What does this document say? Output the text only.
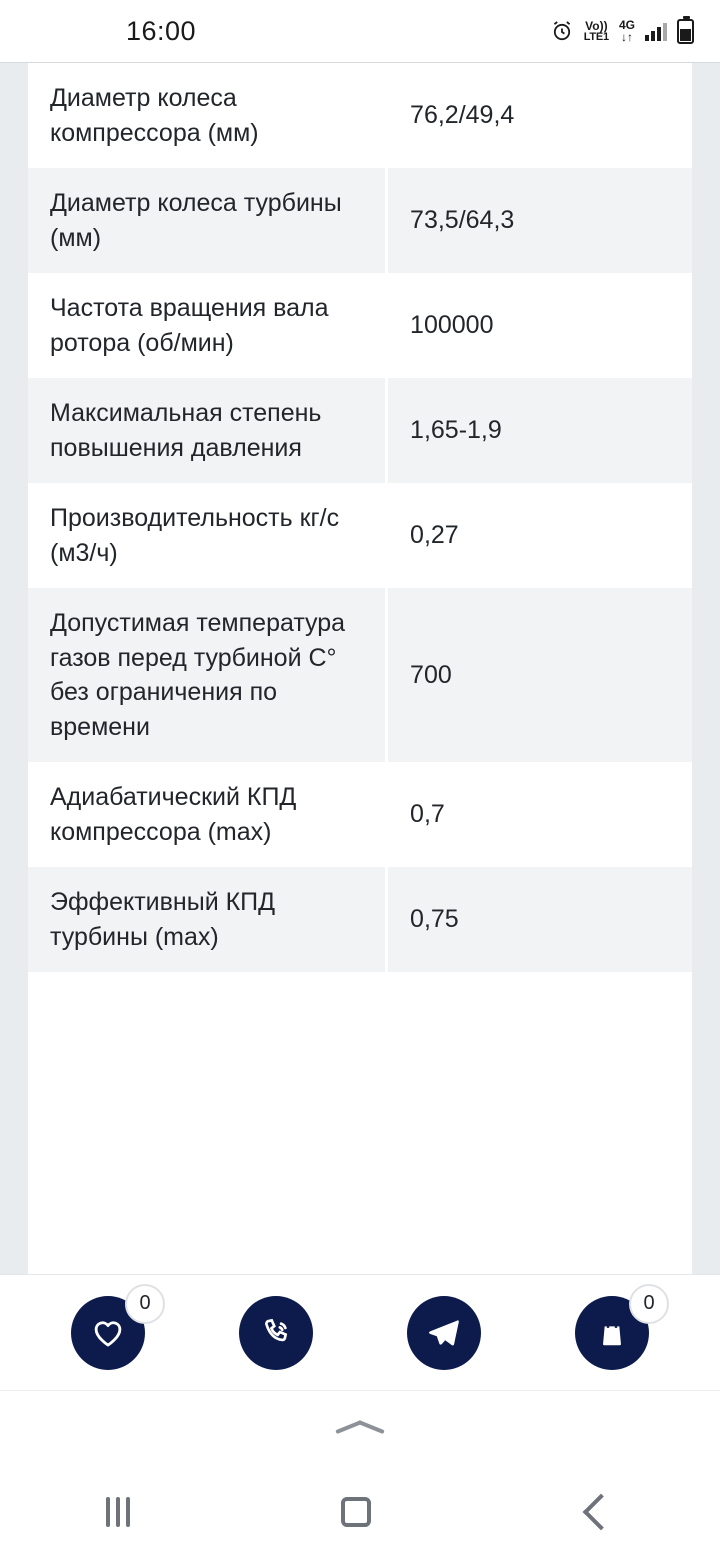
16:00	Vo))
LTE1
4G
↓↑
Диаметр колеса компрессора (мм)	76,2/49,4
Диаметр колеса турбины (мм)	73,5/64,3
Частота вращения вала ротора (об/мин)	100000
Максимальная степень повышения давления	1,65-1,9
Производительность кг/с (м3/ч)	0,27
Допустимая температура газов перед турбиной C° без ограничения по времени	700
Адиабатический КПД компрессора (max)	0,7
Эффективный КПД турбины (max)	0,75

0	0
